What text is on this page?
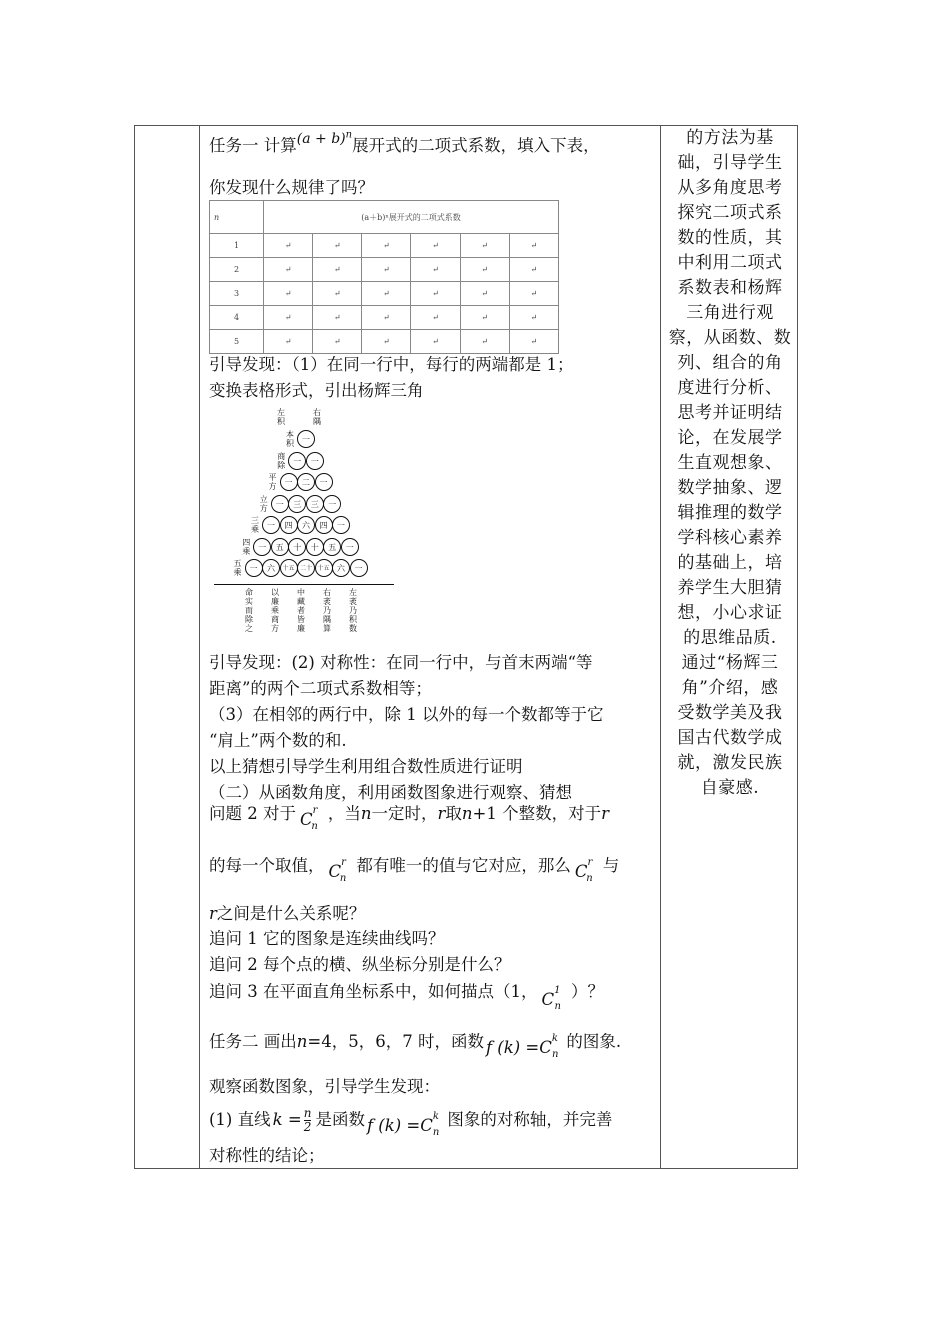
任务一 计算$^{(a + b)^n}$展开式的二项式系数，填入下表，
你发现什么规律了吗？
n	(a＋b)ⁿ展开式的二项式系数					
1	↵	↵	↵	↵	↵	↵
2	↵	↵	↵	↵	↵	↵
3	↵	↵	↵	↵	↵	↵
4	↵	↵	↵	↵	↵	↵
5	↵	↵	↵	↵	↵	↵
引导发现：（1）在同一行中，每行的两端都是 1；
变换表格形式，引出杨辉三角
左
积
右
隅
一
本
积
一	一
商
除
一	二	一
平
方
一	三	三	一
立
方
一	四	六	四	一
三
乘
一	五	十	十	五	一
四
乘
一	六	十五 二十 十五 六	一
五
乘
命
实
而
除
之
以
廉
乘
商
方
中
藏
者
皆
廉
右
袤
乃
隅
算
左
袤
乃
积
数
引导发现：(2) 对称性：在同一行中，与首末两端“等
距离”的两个二项式系数相等；
（3）在相邻的两行中，除 1 以外的每一个数都等于它
“肩上”两个数的和.
以上猜想引导学生利用组合数性质进行证明
（二）从函数角度，利用函数图象进行观察、猜想
问题 2 对于 $C^r_n$，当n一定时，r取n+1 个整数，对于r
的每一个取值， $C^r_n$都有唯一的值与它对应，那么 $C^r_n$与
r之间是什么关系呢？
追问 1 它的图象是连续曲线吗？
追问 2 每个点的横、纵坐标分别是什么？
追问 3 在平面直角坐标系中，如何描点（1， $C^1_n$）？
任务二 画出n=4，5，6，7 时，函数 f $(k) =C^k_n$的图象.
观察函数图象，引导学生发现：
(1) 直线 $k = \frac{n}{2}$ 是函数 f $(k) =C^k_n$图象的对称轴，并完善
对称性的结论；
的方法为基
础，引导学生
从多角度思考
探究二项式系
数的性质，其
中利用二项式
系数表和杨辉
三角进行观
察，从函数、数
列、组合的角
度进行分析、
思考并证明结
论，在发展学
生直观想象、
数学抽象、逻
辑推理的数学
学科核心素养
的基础上，培
养学生大胆猜
想，小心求证
的思维品质.
通过“杨辉三
角”介绍，感
受数学美及我
国古代数学成
就，激发民族
自豪感.
